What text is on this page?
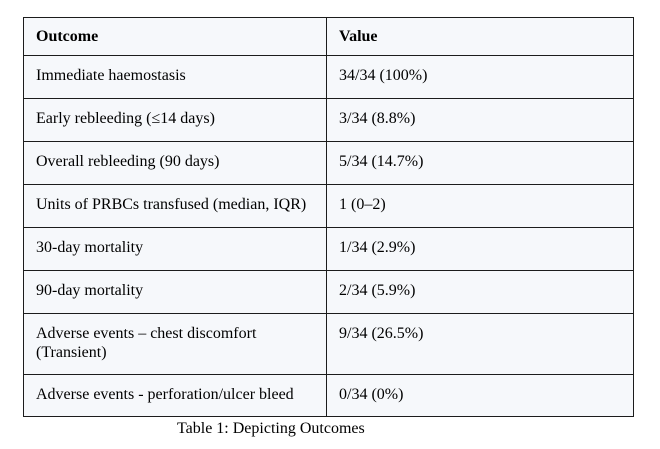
Outcome	Value
Immediate haemostasis	34/34 (100%)
Early rebleeding (≤14 days)	3/34 (8.8%)
Overall rebleeding (90 days)	5/34 (14.7%)
Units of PRBCs transfused (median, IQR)	1 (0–2)
30-day mortality	1/34 (2.9%)
90-day mortality	2/34 (5.9%)
Adverse events – chest discomfort (Transient)	9/34 (26.5%)
Adverse events - perforation/ulcer bleed	0/34 (0%)
Table 1: Depicting Outcomes
